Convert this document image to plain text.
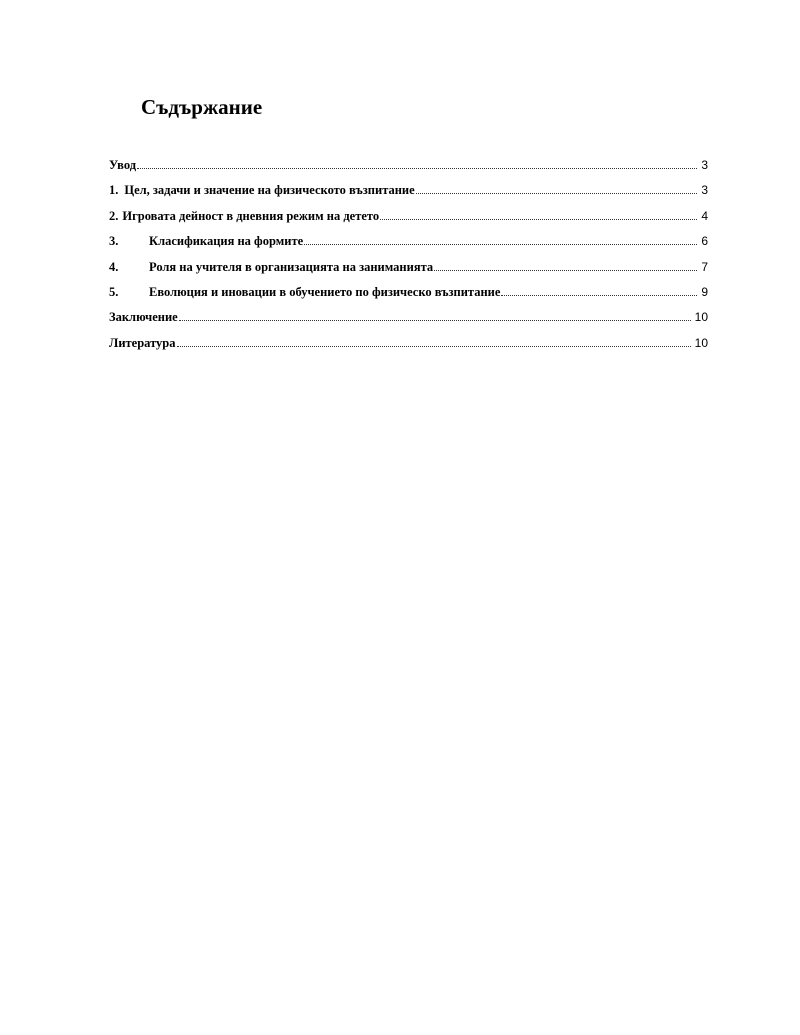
Съдържание
Увод	3
1. Цел, задачи и значение на физическото възпитание	3
2. Игровата дейност в дневния режим на детето	4
3.	Класификация на формите	6
4.	Роля на учителя в организацията на заниманията	7
5.	Еволюция и иновации в обучението по физическо възпитание	9
Заключение	10
Литература	10
